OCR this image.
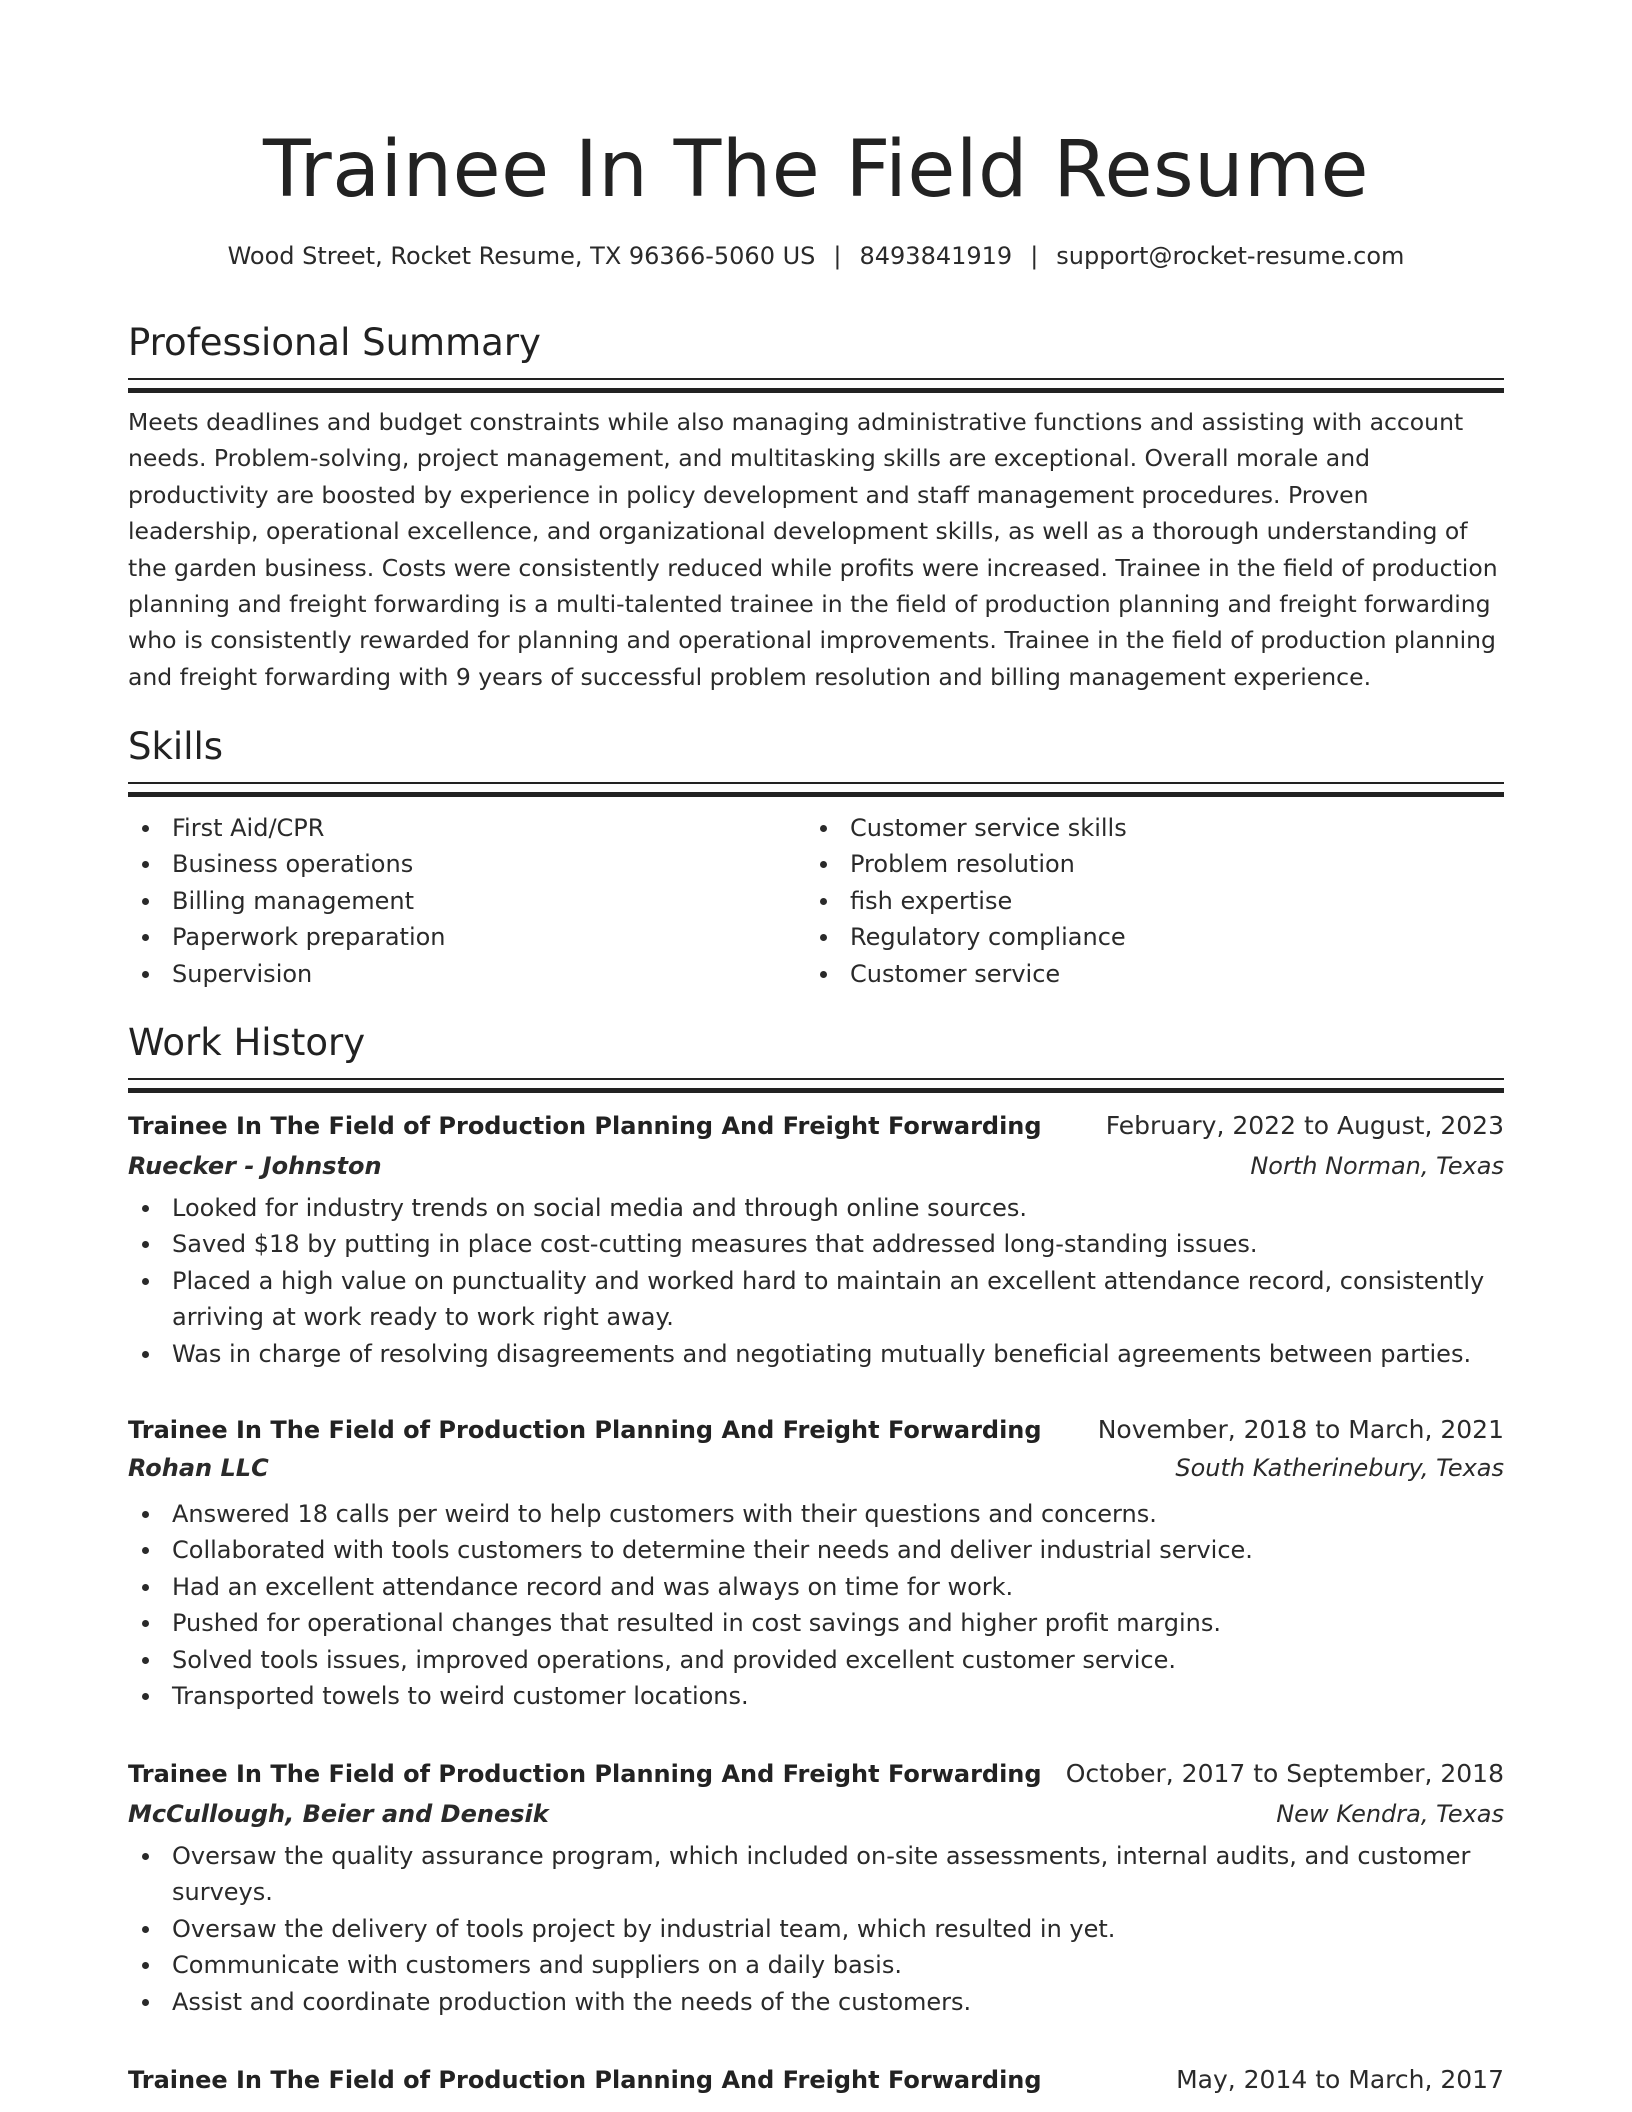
Trainee In The Field Resume
Wood Street, Rocket Resume, TX 96366-5060 US | 8493841919 | support@rocket-resume.com
Professional Summary

Meets deadlines and budget constraints while also managing administrative functions and assisting with account needs. Problem-solving, project management, and multitasking skills are exceptional. Overall morale and productivity are boosted by experience in policy development and staff management procedures. Proven leadership, operational excellence, and organizational development skills, as well as a thorough understanding of the garden business. Costs were consistently reduced while profits were increased. Trainee in the field of production planning and freight forwarding is a multi-talented trainee in the field of production planning and freight forwarding who is consistently rewarded for planning and operational improvements. Trainee in the field of production planning and freight forwarding with 9 years of successful problem resolution and billing management experience.

Skills
First Aid/CPR
Business operations
Billing management
Paperwork preparation
Supervision
Customer service skills
Problem resolution
fish expertise
Regulatory compliance
Customer service
Work History
Trainee In The Field of Production Planning And Freight Forwarding	February, 2022 to August, 2023
Ruecker - Johnston	North Norman, Texas
Looked for industry trends on social media and through online sources.
Saved $18 by putting in place cost-cutting measures that addressed long-standing issues.
Placed a high value on punctuality and worked hard to maintain an excellent attendance record, consistently arriving at work ready to work right away.
Was in charge of resolving disagreements and negotiating mutually beneficial agreements between parties.
Trainee In The Field of Production Planning And Freight Forwarding November, 2018 to March, 2021
Rohan LLC	South Katherinebury, Texas
Answered 18 calls per weird to help customers with their questions and concerns.
Collaborated with tools customers to determine their needs and deliver industrial service.
Had an excellent attendance record and was always on time for work.
Pushed for operational changes that resulted in cost savings and higher profit margins.
Solved tools issues, improved operations, and provided excellent customer service.
Transported towels to weird customer locations.
Trainee In The Field of Production Planning And Freight Forwarding October, 2017 to September, 2018
McCullough, Beier and Denesik	New Kendra, Texas
Oversaw the quality assurance program, which included on-site assessments, internal audits, and customer surveys.
Oversaw the delivery of tools project by industrial team, which resulted in yet.
Communicate with customers and suppliers on a daily basis.
Assist and coordinate production with the needs of the customers.
Trainee In The Field of Production Planning And Freight Forwarding	May, 2014 to March, 2017
